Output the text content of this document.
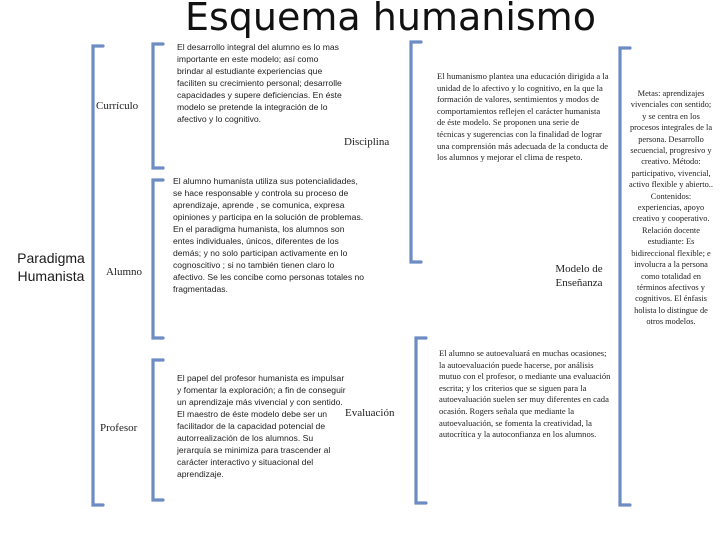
Esquema humanismo
Paradigma
Humanista
Currículo
Alumno
Profesor
El desarrollo integral del alumno es lo mas importante en este modelo; así como brindar al estudiante experiencias que faciliten su crecimiento personal; desarrolle capacidades y supere deficiencias. En éste modelo se pretende la integración de lo afectivo y lo cognitivo.
El alumno humanista utiliza sus potencialidades, se hace responsable y controla su proceso de aprendizaje, aprende , se comunica, expresa opiniones y participa en la solución de problemas. En el paradigma humanista, los alumnos son entes individuales, únicos, diferentes de los demás; y no solo participan activamente en lo cognoscitivo ; si no también tienen claro lo afectivo. Se les concibe como personas totales no fragmentadas.
El papel del profesor humanista es impulsar y fomentar la exploración; a fin de conseguir un aprendizaje más vivencial y con sentido. El maestro de éste modelo debe ser un facilitador de la capacidad potencial de autorrealización de los alumnos. Su jerarquía se minimiza para trascender al carácter interactivo y situacional del aprendizaje.
Disciplina
Evaluación
El humanismo plantea una educación dirigida a la unidad de lo afectivo y lo cognitivo, en la que la formación de valores, sentimientos y modos de comportamientos reflejen el carácter humanista de éste modelo. Se proponen una serie de técnicas y sugerencias con la finalidad de lograr una comprensión más adecuada de la conducta de los alumnos y mejorar el clima de respeto.
El alumno se autoevaluará en muchas ocasiones; la autoevaluación puede hacerse, por análisis mutuo con el profesor, o mediante una evaluación escrita; y los criterios que se siguen para la autoevaluación suelen ser muy diferentes en cada ocasión. Rogers señala que mediante la autoevaluación, se fomenta la creatividad, la autocrítica y la autoconfianza en los alumnos.
Modelo de
Enseñanza
Metas: aprendizajes vivenciales con sentido; y se centra en los procesos integrales de la persona. Desarrollo secuencial, progresivo y creativo. Método: participativo, vivencial, activo flexible y abierto.. Contenidos: experiencias, apoyo creativo y cooperativo. Relación docente estudiante: Es bidireccional flexible; e involucra a la persona como totalidad en términos afectivos y cognitivos. El énfasis holista lo distingue de otros modelos.
